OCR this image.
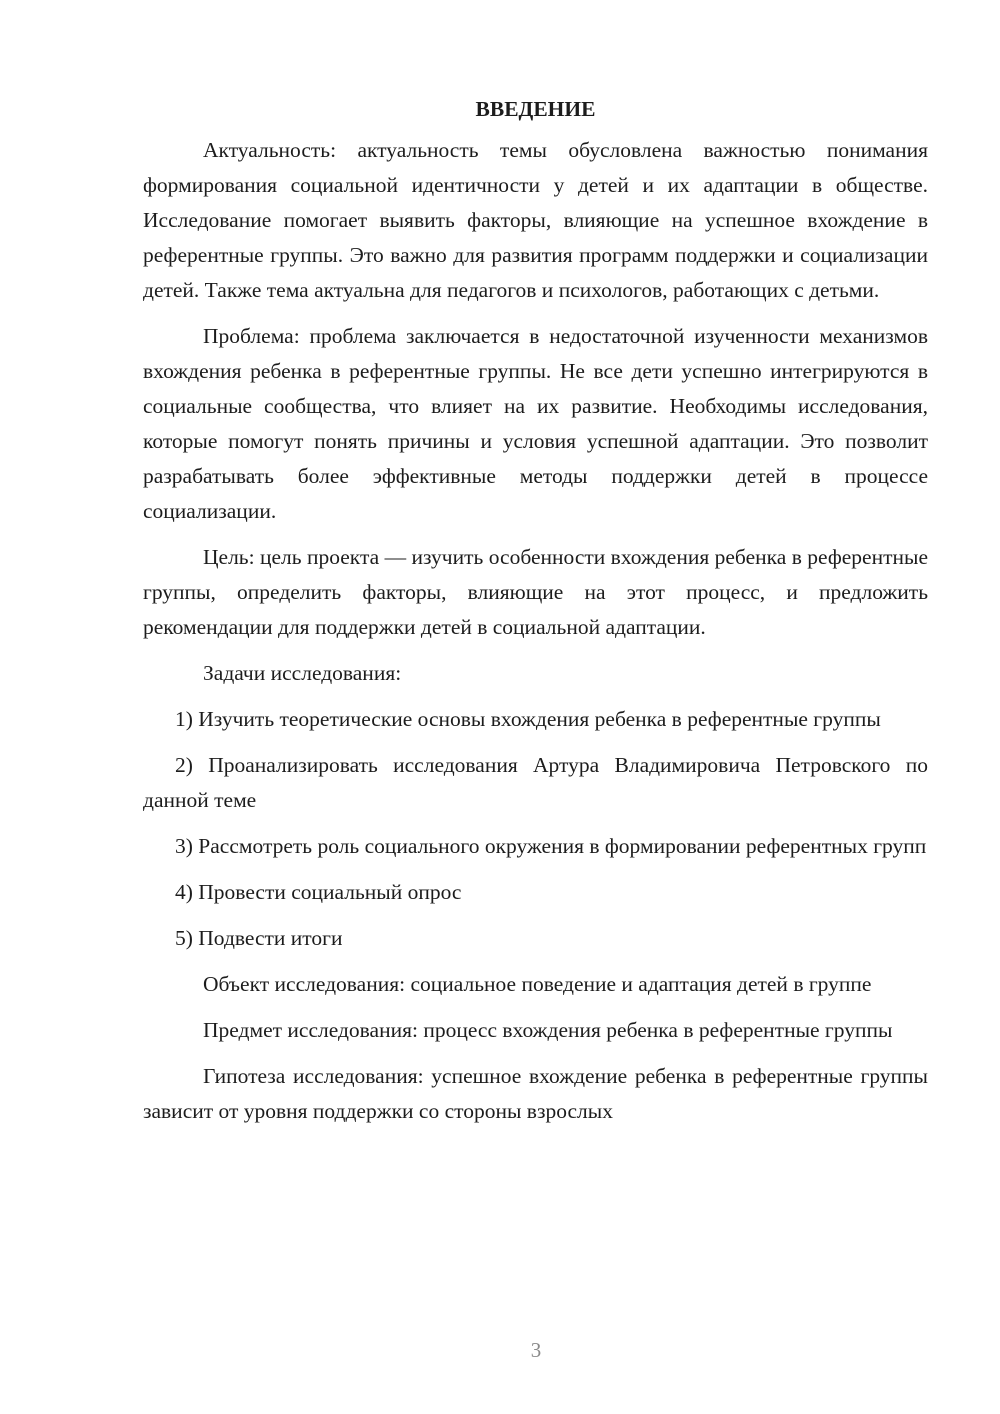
ВВЕДЕНИЕ

Актуальность: актуальность темы обусловлена важностью понимания формирования социальной идентичности у детей и их адаптации в обществе. Исследование помогает выявить факторы, влияющие на успешное вхождение в референтные группы. Это важно для развития программ поддержки и социализации детей. Также тема актуальна для педагогов и психологов, работающих с детьми.

Проблема: проблема заключается в недостаточной изученности механизмов вхождения ребенка в референтные группы. Не все дети успешно интегрируются в социальные сообщества, что влияет на их развитие. Необходимы исследования, которые помогут понять причины и условия успешной адаптации. Это позволит разрабатывать более эффективные методы поддержки детей в процессе социализации.

Цель: цель проекта — изучить особенности вхождения ребенка в референтные группы, определить факторы, влияющие на этот процесс, и предложить рекомендации для поддержки детей в социальной адаптации.

Задачи исследования:

1) Изучить теоретические основы вхождения ребенка в референтные группы

2) Проанализировать исследования Артура Владимировича Петровского по данной теме

3) Рассмотреть роль социального окружения в формировании референтных групп

4) Провести социальный опрос

5) Подвести итоги

Объект исследования: социальное поведение и адаптация детей в группе

Предмет исследования: процесс вхождения ребенка в референтные группы

Гипотеза исследования: успешное вхождение ребенка в референтные группы зависит от уровня поддержки со стороны взрослых

3
